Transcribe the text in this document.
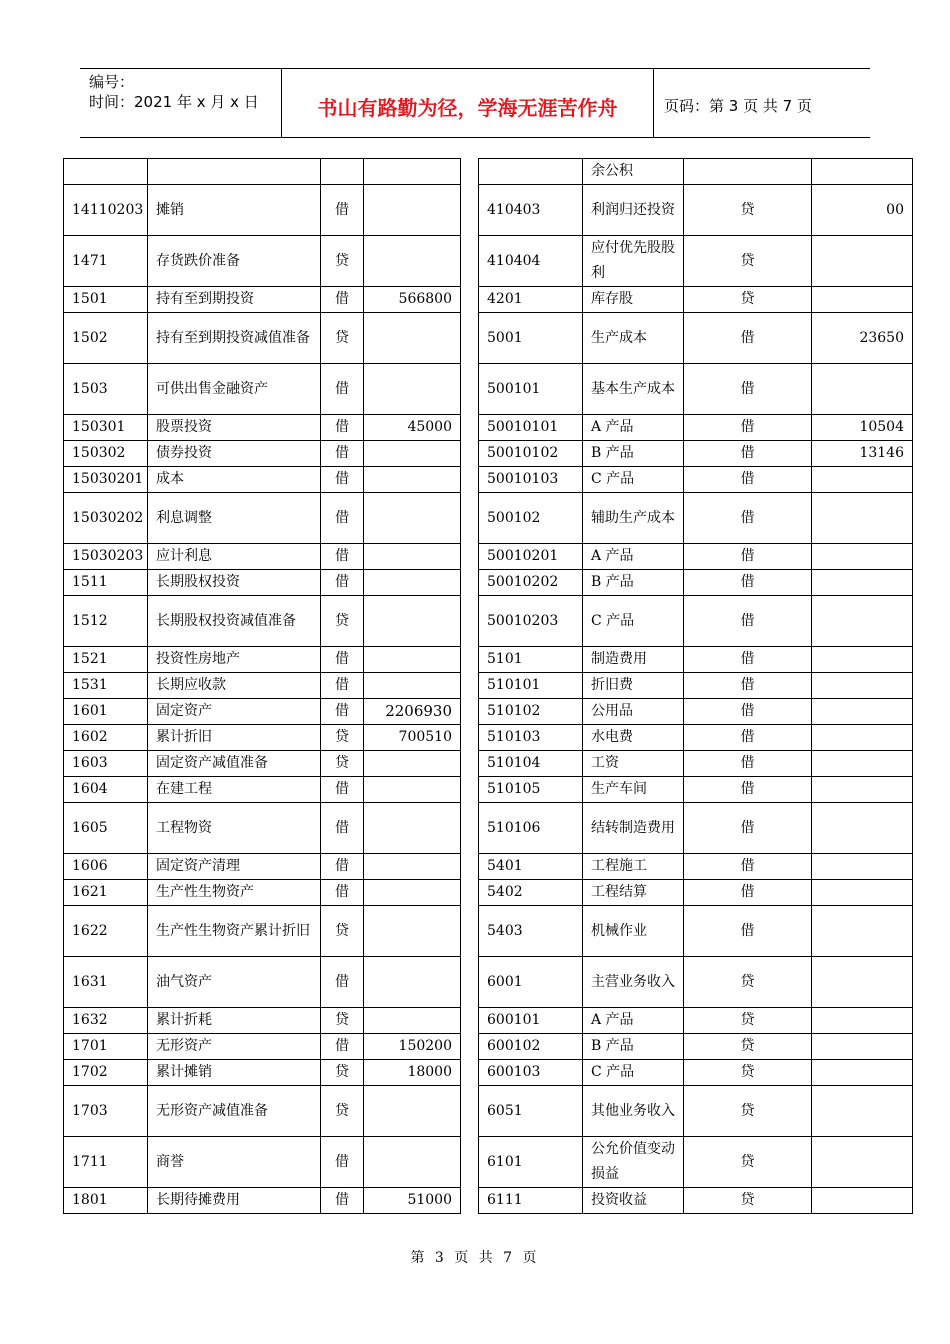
编号：
时间：2021 年 x 月 x 日	书山有路勤为径，学海无涯苦作舟	页码：第 3 页 共 7 页
						余公积		
14110203	摊销	借			410403	利润归还投资	贷	00
1471	存货跌价准备	贷			410404	应付优先股股利	贷	
1501	持有至到期投资	借	566800		4201	库存股	贷	
1502	持有至到期投资减值准备	贷			5001	生产成本	借	23650
1503	可供出售金融资产	借			500101	基本生产成本	借	
150301	股票投资	借	45000		50010101	A 产品	借	10504
150302	债券投资	借			50010102	B 产品	借	13146
15030201	成本	借			50010103	C 产品	借	
15030202	利息调整	借			500102	辅助生产成本	借	
15030203	应计利息	借			50010201	A 产品	借	
1511	长期股权投资	借			50010202	B 产品	借	
1512	长期股权投资减值准备	贷			50010203	C 产品	借	
1521	投资性房地产	借			5101	制造费用	借	
1531	长期应收款	借			510101	折旧费	借	
1601	固定资产	借	2206930		510102	公用品	借	
1602	累计折旧	贷	700510		510103	水电费	借	
1603	固定资产减值准备	贷			510104	工资	借	
1604	在建工程	借			510105	生产车间	借	
1605	工程物资	借			510106	结转制造费用	借	
1606	固定资产清理	借			5401	工程施工	借	
1621	生产性生物资产	借			5402	工程结算	借	
1622	生产性生物资产累计折旧	贷			5403	机械作业	借	
1631	油气资产	借			6001	主营业务收入	贷	
1632	累计折耗	贷			600101	A 产品	贷	
1701	无形资产	借	150200		600102	B 产品	贷	
1702	累计摊销	贷	18000		600103	C 产品	贷	
1703	无形资产减值准备	贷			6051	其他业务收入	贷	
1711	商誉	借			6101	公允价值变动损益	贷	
1801	长期待摊费用	借	51000		6111	投资收益	贷	
第 3 页 共 7 页
